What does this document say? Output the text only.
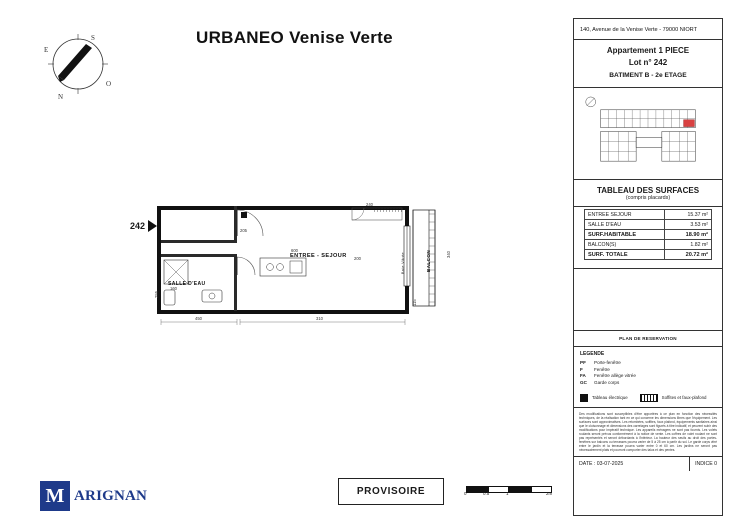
URBANEO Venise Verte
S
N
E
O
242
ENTREE - SEJOUR
SALLE D'EAU
BALCON
Baie Vitrée
600
200
450	310
255
340
160
205
240
115
PROVISOIRE	0	0.5	1	2m
M ARIGNAN
140, Avenue de la Venise Verte - 79000 NIORT
Appartement 1 PIECE
Lot n° 242
BATIMENT B - 2e ETAGE
TABLEAU DES SURFACES
(compris placards)
ENTREE SEJOUR	15.37 m²
SALLE D'EAU	3.53 m²
SURF.HABITABLE	18.90 m²
BALCON(S)	1.82 m²
SURF. TOTALE	20.72 m²
PLAN DE RESERVATION
LEGENDE
PF	Porte-fenêtre
F	Fenêtre
FA	Fenêtre allège vitrée
GC	Garde corps
Tableau électrique	Soffites et faux-plafond
Des modifications sont susceptibles d'être apportées à ce plan en fonction des nécessités techniques, de la réalisation tant en ce qui concerne les dimensions libres que l'équipement. Les surfaces sont approximatives. Les retombées, soffites, faux plafond, équipements sanitaires ainsi que le cloisonnage et dimensions des carrelages sont figurés à titre indicatif, et peuvent subir des modifications pour impératif technique. Les appareils ménagers ne sont pas fournis. Les volets roulants seront prévus conformément à la notice de vente. Les coffres de volet roulant ne sont pas représentés et seront débordants à l'intérieur. La hauteur des seuils au droit des portes-fenêtres sur balcons ou terrasses pourra varier de 5 à 25 cm à partir du sol. Le garde corps vitré entre le jardin et la terrasse pourra varier entre 0 et 60 cm. Les jardins ne seront pas nécessairement plats et pourront comporter des talus et des pentes.
DATE : 03-07-2025	INDICE 0
